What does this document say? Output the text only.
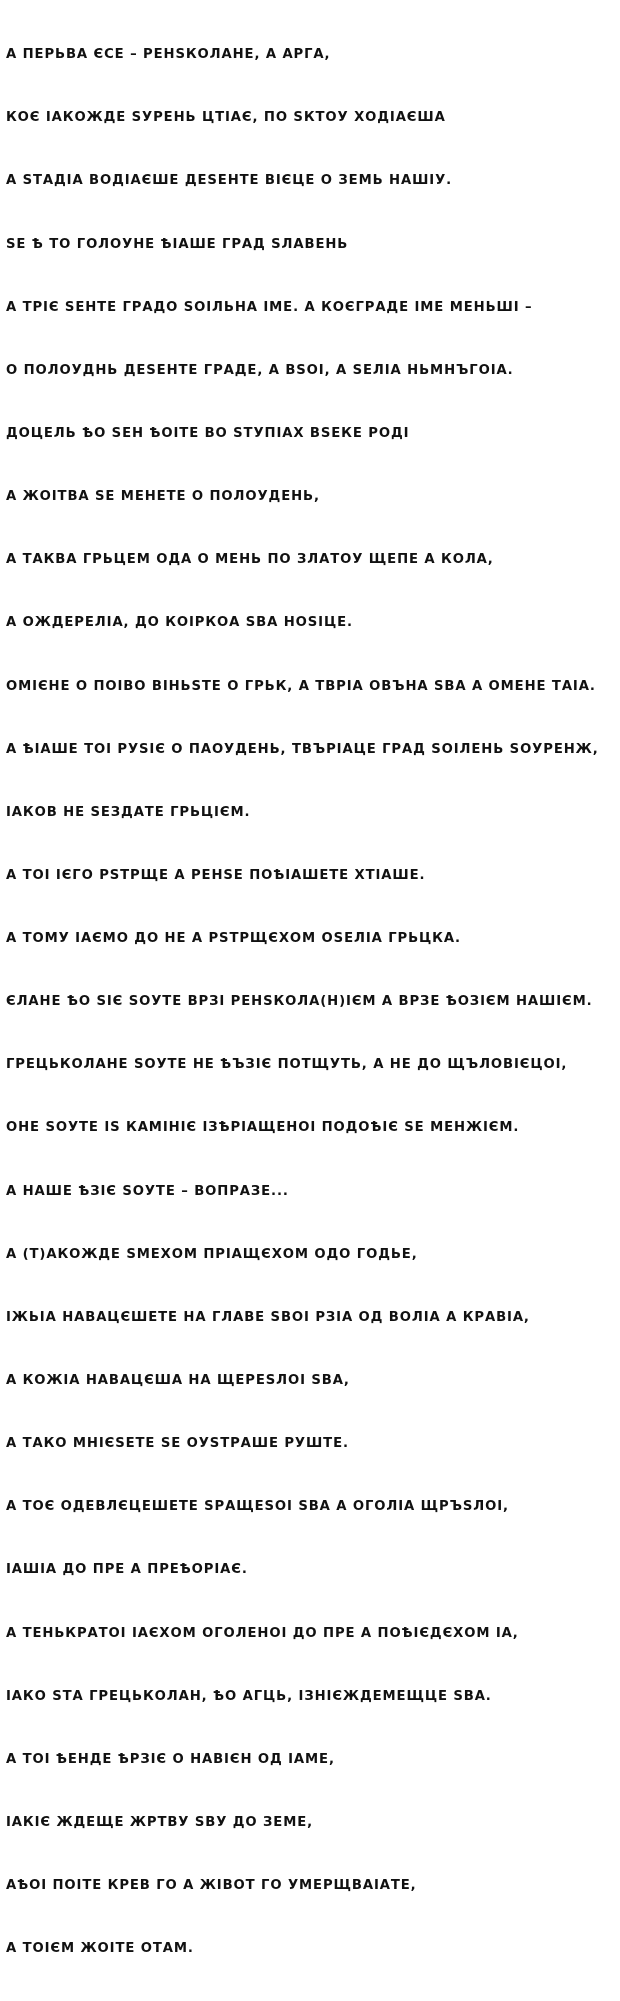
А ПЕРЬВА ЄСЕ – РЕНЅКОЛАНЕ, А АРГА,

КОЄ ІАКОЖДЕ ЅУРЕНЬ ЦТІАЄ, ПО ЅКТОУ ХОДІАЄША

А ЅТАДІА ВОДІАЄШЕ ДЕЅЕНТЕ ВІЄЦЕ О ЗЕМЬ НАШІУ.

ЅЕ Ѣ ТО ГОЛОУНЕ ѢІАШЕ ГРАД ЅЛАВЕНЬ

А ТРІЄ ЅЕНТЕ ГРАДО ЅОІЛЬНА ІМЕ. А КОЄГРАДЕ ІМЕ МЕНЬШІ –

О ПОЛОУДНЬ ДЕЅЕНТЕ ГРАДЕ, А ВЅОІ, А ЅЕЛІА НЬМНЪГОІА.

ДОЦЕЛЬ ѢО ЅЕН ѢОІТЕ ВО ЅТУПІАХ ВЅЕКЕ РОДІ

А ЖОІТВА ЅЕ МЕНЕТЕ О ПОЛОУДЕНЬ,

А ТАКВА ГРЬЦЕМ ОДА О МЕНЬ ПО ЗЛАТОУ ЩЕПЕ А КОЛА,

А ОЖДЕРЕЛІА, ДО КОІРКОА ЅВА НОЅІЦЕ.

ОМІЄНЕ О ПОІВО ВІНЬЅТЕ О ГРЬК, А ТВРІА ОВЪНА ЅВА А ОМЕНЕ ТАІА.

А ѢІАШЕ ТОІ РУЅІЄ О ПАОУДЕНЬ, ТВЪРІАЦЕ ГРАД ЅОІЛЕНЬ ЅОУРЕНЖ,

ІАКОВ НЕ ЅЕЗДАТЕ ГРЬЦІЄМ.

А ТОІ ІЄГО РЅТРЩЕ А РЕНЅЕ ПОѢІАШЕТЕ ХТІАШЕ.

А ТОМУ ІАЄМО ДО НЕ А РЅТРЩЄХОМ ОЅЕЛІА ГРЬЦКА.

ЄЛАНЕ ѢО ЅІЄ ЅОУТЕ ВРЗІ РЕНЅКОЛА(Н)ІЄМ А ВРЗЕ ѢОЗІЄМ НАШІЄМ.

ГРЕЦЬКОЛАНЕ ЅОУТЕ НЕ ѢЪЗІЄ ПОТЩУТЬ, А НЕ ДО ЩЪЛОВІЄЦОІ,

ОНЕ ЅОУТЕ ІЅ КАМІНІЄ ІЗѢРІАЩЕНОІ ПОДОѢІЄ ЅЕ МЕНЖІЄМ.

А НАШЕ ѢЗІЄ ЅОУТЕ – ВОПРАЗЕ...

А (Т)АКОЖДЕ ЅМЕХОМ ПРІАЩЄХОМ ОДО ГОДЬЕ,

ІЖЬІА НАВАЦЄШЕТЕ НА ГЛАВЕ ЅВОІ РЗІА ОД ВОЛІА А КРАВІА,

А КОЖІА НАВАЦЄША НА ЩЕРЕЅЛОІ ЅВА,

А ТАКО МНІЄЅЕТЕ ЅЕ ОУЅТРАШЕ РУШТЕ.

А ТОЄ ОДЕВЛЄЦЕШЕТЕ ЅРАЩЕЅОІ ЅВА А ОГОЛІА ЩРЪЅЛОІ,

ІАШІА ДО ПРЕ А ПРЕѢОРІАЄ.

А ТЕНЬКРАТОІ ІАЄХОМ ОГОЛЕНОІ ДО ПРЕ А ПОѢІЄДЄХОМ ІА,

ІАКО ЅТА ГРЕЦЬКОЛАН, ѢО АГЦЬ, ІЗНІЄЖДЕМЕЩЦЕ ЅВА.

А ТОІ ѢЕНДЕ ѢРЗІЄ О НАВІЄН ОД ІАМЕ,

ІАКІЄ ЖДЕЩЕ ЖРТВУ ЅВУ ДО ЗЕМЕ,

АѢОІ ПОІТЕ КРЕВ ГО А ЖІВОТ ГО УМЕРЩВАІАТЕ,

А ТОІЄМ ЖОІТЕ ОТАМ.
